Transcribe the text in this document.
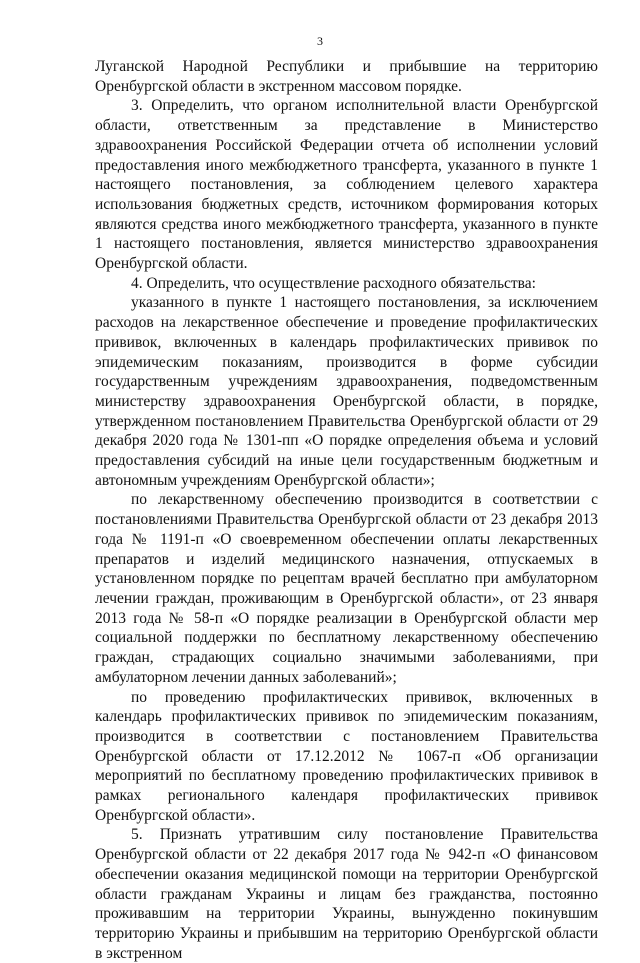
3

Луганской Народной Республики и прибывшие на территорию Оренбургской области в экстренном массовом порядке.

3. Определить, что органом исполнительной власти Оренбургской области, ответственным за представление в Министерство здравоохранения Российской Федерации отчета об исполнении условий предоставления иного межбюджетного трансферта, указанного в пункте 1 настоящего постановления, за соблюдением целевого характера использования бюджетных средств, источником формирования которых являются средства иного межбюджетного трансферта, указанного в пункте 1 настоящего постановления, является министерство здравоохранения Оренбургской области.

4. Определить, что осуществление расходного обязательства:

указанного в пункте 1 настоящего постановления, за исключением расходов на лекарственное обеспечение и проведение профилактических прививок, включенных в календарь профилактических прививок по эпидемическим показаниям, производится в форме субсидии государственным учреждениям здравоохранения, подведомственным министерству здравоохранения Оренбургской области, в порядке, утвержденном постановлением Правительства Оренбургской области от 29 декабря 2020 года № 1301-пп «О порядке определения объема и условий предоставления субсидий на иные цели государственным бюджетным и автономным учреждениям Оренбургской области»;

по лекарственному обеспечению производится в соответствии с постановлениями Правительства Оренбургской области от 23 декабря 2013 года № 1191-п «О своевременном обеспечении оплаты лекарственных препаратов и изделий медицинского назначения, отпускаемых в установленном порядке по рецептам врачей бесплатно при амбулаторном лечении граждан, проживающим в Оренбургской области», от 23 января 2013 года № 58-п «О порядке реализации в Оренбургской области мер социальной поддержки по бесплатному лекарственному обеспечению граждан, страдающих социально значимыми заболеваниями, при амбулаторном лечении данных заболеваний»;

по проведению профилактических прививок, включенных в календарь профилактических прививок по эпидемическим показаниям, производится в соответствии с постановлением Правительства Оренбургской области от 17.12.2012 № 1067-п «Об организации мероприятий по бесплатному проведению профилактических прививок в рамках регионального календаря профилактических прививок Оренбургской области».

5. Признать утратившим силу постановление Правительства Оренбургской области от 22 декабря 2017 года № 942-п «О финансовом обеспечении оказания медицинской помощи на территории Оренбургской области гражданам Украины и лицам без гражданства, постоянно проживавшим на территории Украины, вынужденно покинувшим территорию Украины и прибывшим на территорию Оренбургской области в экстренном
